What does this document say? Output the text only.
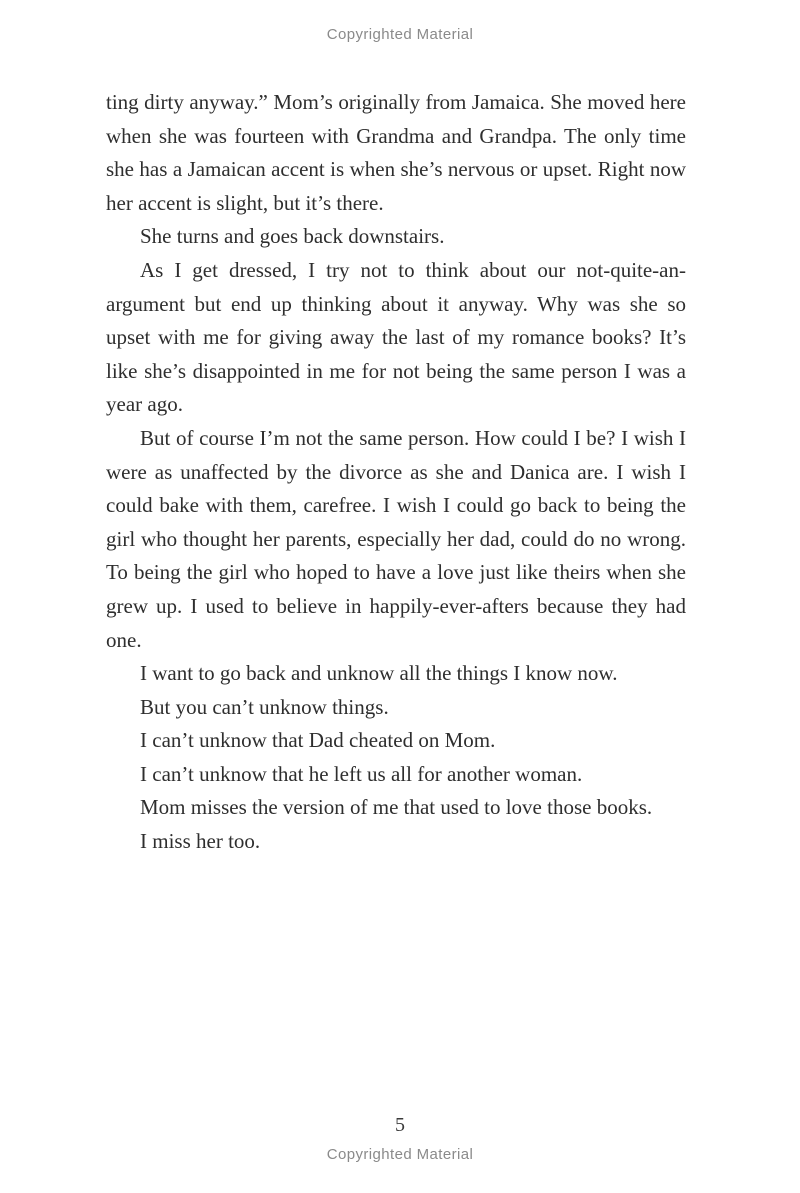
Copyrighted Material

ting dirty anyway.” Mom’s originally from Jamaica. She moved here when she was fourteen with Grandma and Grandpa. The only time she has a Jamaican accent is when she’s nervous or upset. Right now her accent is slight, but it’s there.

She turns and goes back downstairs.

As I get dressed, I try not to think about our not-quite-an-argument but end up thinking about it anyway. Why was she so upset with me for giving away the last of my romance books? It’s like she’s disappointed in me for not being the same person I was a year ago.

But of course I’m not the same person. How could I be? I wish I were as unaffected by the divorce as she and Danica are. I wish I could bake with them, carefree. I wish I could go back to being the girl who thought her parents, especially her dad, could do no wrong. To being the girl who hoped to have a love just like theirs when she grew up. I used to believe in happily-ever-afters because they had one.

I want to go back and unknow all the things I know now.

But you can’t unknow things.

I can’t unknow that Dad cheated on Mom.

I can’t unknow that he left us all for another woman.

Mom misses the version of me that used to love those books.

I miss her too.

5
Copyrighted Material
